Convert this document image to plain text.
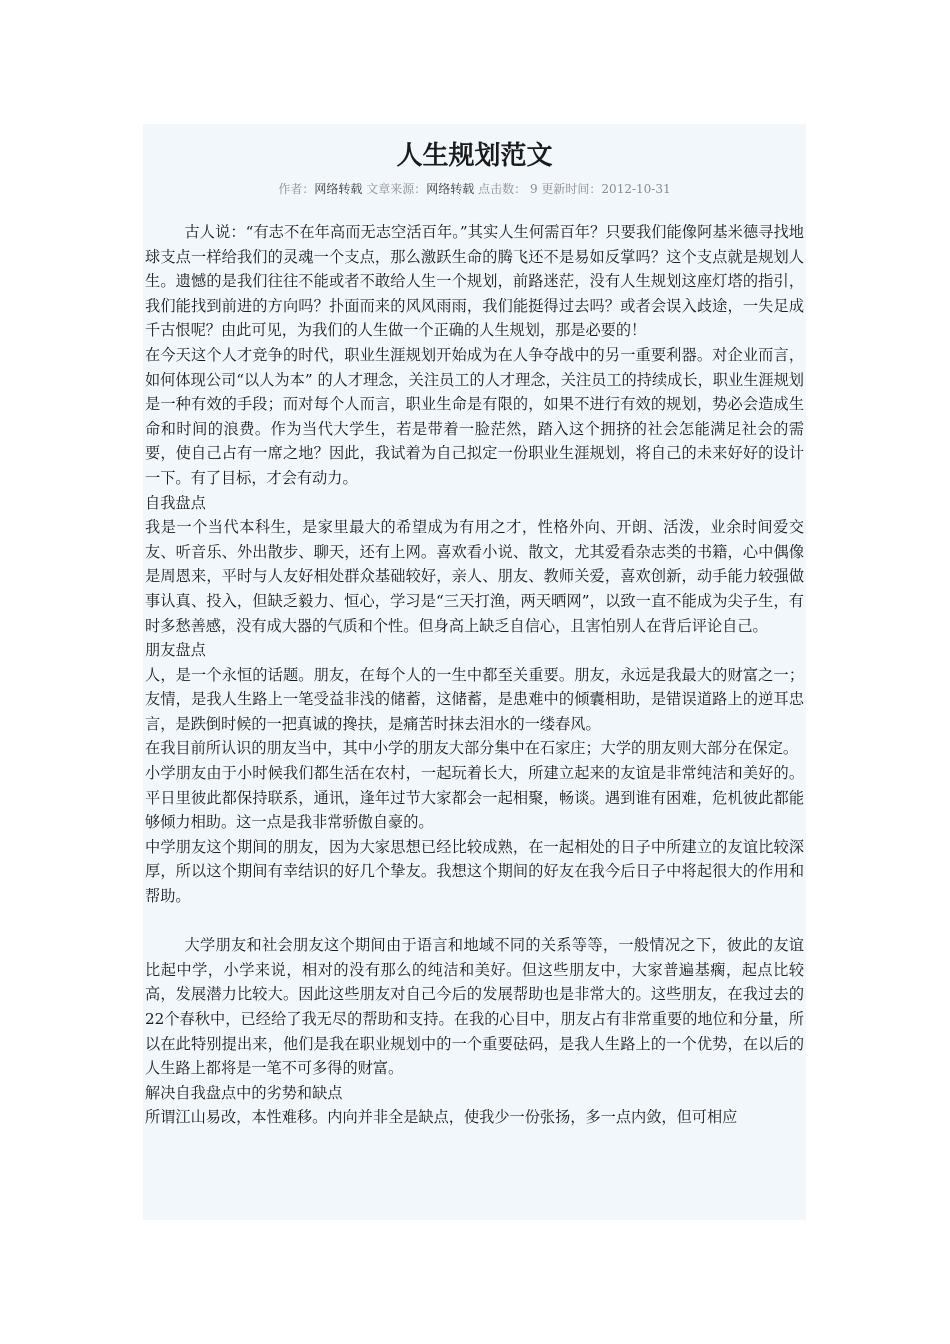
人生规划范文
作者：网络转载 文章来源：网络转载 点击数： 9 更新时间：2012-10-31

古人说：“有志不在年高而无志空活百年。”其实人生何需百年？只要我们能像阿基米德寻找地球支点一样给我们的灵魂一个支点，那么激跃生命的腾飞还不是易如反掌吗？这个支点就是规划人生。遗憾的是我们往往不能或者不敢给人生一个规划，前路迷茫，没有人生规划这座灯塔的指引，我们能找到前进的方向吗？扑面而来的风风雨雨，我们能挺得过去吗？或者会误入歧途，一失足成千古恨呢？由此可见，为我们的人生做一个正确的人生规划，那是必要的！

在今天这个人才竞争的时代，职业生涯规划开始成为在人争夺战中的另一重要利器。对企业而言，如何体现公司“以人为本” 的人才理念，关注员工的人才理念，关注员工的持续成长，职业生涯规划是一种有效的手段；而对每个人而言，职业生命是有限的，如果不进行有效的规划，势必会造成生命和时间的浪费。作为当代大学生，若是带着一脸茫然，踏入这个拥挤的社会怎能满足社会的需要，使自己占有一席之地？因此，我试着为自己拟定一份职业生涯规划，将自己的未来好好的设计一下。有了目标，才会有动力。

自我盘点

我是一个当代本科生，是家里最大的希望成为有用之才，性格外向、开朗、活泼，业余时间爱交友、听音乐、外出散步、聊天，还有上网。喜欢看小说、散文，尤其爱看杂志类的书籍，心中偶像是周恩来，平时与人友好相处群众基础较好，亲人、朋友、教师关爱，喜欢创新，动手能力较强做事认真、投入，但缺乏毅力、恒心，学习是“三天打渔，两天晒网”，以致一直不能成为尖子生，有时多愁善感，没有成大器的气质和个性。但身高上缺乏自信心，且害怕别人在背后评论自己。

朋友盘点

人，是一个永恒的话题。朋友，在每个人的一生中都至关重要。朋友，永远是我最大的财富之一；友情，是我人生路上一笔受益非浅的储蓄，这储蓄，是患难中的倾囊相助，是错误道路上的逆耳忠言，是跌倒时候的一把真诚的搀扶，是痛苦时抹去泪水的一缕春风。

在我目前所认识的朋友当中，其中小学的朋友大部分集中在石家庄；大学的朋友则大部分在保定。

小学朋友由于小时候我们都生活在农村，一起玩着长大，所建立起来的友谊是非常纯洁和美好的。平日里彼此都保持联系，通讯，逢年过节大家都会一起相聚，畅谈。遇到谁有困难，危机彼此都能够倾力相助。这一点是我非常骄傲自豪的。

中学朋友这个期间的朋友，因为大家思想已经比较成熟，在一起相处的日子中所建立的友谊比较深厚，所以这个期间有幸结识的好几个挚友。我想这个期间的好友在我今后日子中将起很大的作用和帮助。

大学朋友和社会朋友这个期间由于语言和地域不同的关系等等，一般情况之下，彼此的友谊比起中学，小学来说，相对的没有那么的纯洁和美好。但这些朋友中，大家普遍基瘸，起点比较高，发展潜力比较大。因此这些朋友对自己今后的发展帮助也是非常大的。这些朋友，在我过去的22个春秋中，已经给了我无尽的帮助和支持。在我的心目中，朋友占有非常重要的地位和分量，所以在此特别提出来，他们是我在职业规划中的一个重要砝码，是我人生路上的一个优势，在以后的人生路上都将是一笔不可多得的财富。

解决自我盘点中的劣势和缺点

所谓江山易改，本性难移。内向并非全是缺点，使我少一份张扬，多一点内敛，但可相应
